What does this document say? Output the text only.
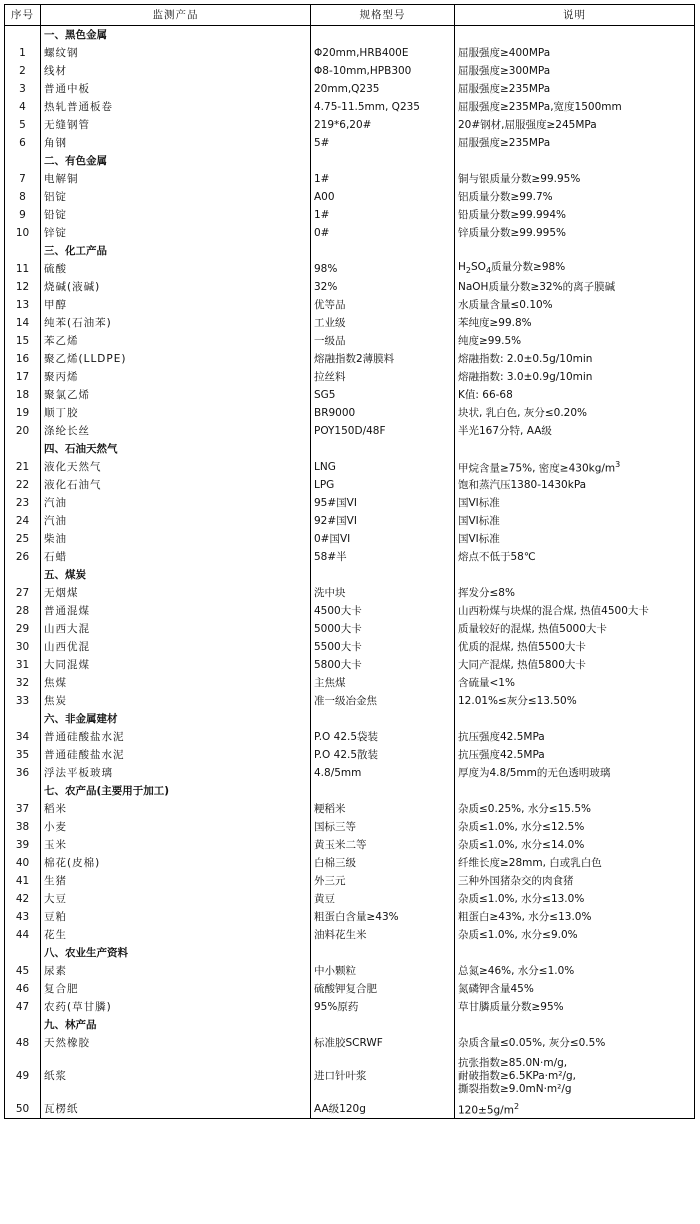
序号	监测产品	规格型号	说明
	一、黑色金属		
1	螺纹钢	Φ20mm,HRB400E	屈服强度≥400MPa
2	线材	Φ8-10mm,HPB300	屈服强度≥300MPa
3	普通中板	20mm,Q235	屈服强度≥235MPa
4	热轧普通板卷	4.75-11.5mm, Q235	屈服强度≥235MPa,宽度1500mm
5	无缝钢管	219*6,20#	20#钢材,屈服强度≥245MPa
6	角钢	5#	屈服强度≥235MPa
	二、有色金属		
7	电解铜	1#	铜与银质量分数≥99.95%
8	铝锭	A00	铝质量分数≥99.7%
9	铅锭	1#	铅质量分数≥99.994%
10	锌锭	0#	锌质量分数≥99.995%
	三、化工产品		
11	硫酸	98%	$H_2SO_4$质量分数≥98%
12	烧碱(液碱)	32%	NaOH质量分数≥32%的离子膜碱
13	甲醇	优等品	水质量含量≤0.10%
14	纯苯(石油苯)	工业级	苯纯度≥99.8%
15	苯乙烯	一级品	纯度≥99.5%
16	聚乙烯(LLDPE)	熔融指数2薄膜料	熔融指数: 2.0±0.5g/10min
17	聚丙烯	拉丝料	熔融指数: 3.0±0.9g/10min
18	聚氯乙烯	SG5	K值: 66-68
19	顺丁胶	BR9000	块状, 乳白色, 灰分≤0.20%
20	涤纶长丝	POY150D/48F	半光167分特, AA级
	四、石油天然气		
21	液化天然气	LNG	甲烷含量≥75%, 密度$\ge 430kg/m^3$
22	液化石油气	LPG	饱和蒸汽压1380-1430kPa
23	汽油	95#国VI	国VI标准
24	汽油	92#国VI	国VI标准
25	柴油	0#国VI	国VI标准
26	石蜡	58#半	熔点不低于58℃
	五、煤炭		
27	无烟煤	洗中块	挥发分≤8%
28	普通混煤	4500大卡	山西粉煤与块煤的混合煤, 热值4500大卡
29	山西大混	5000大卡	质量较好的混煤, 热值5000大卡
30	山西优混	5500大卡	优质的混煤, 热值5500大卡
31	大同混煤	5800大卡	大同产混煤, 热值5800大卡
32	焦煤	主焦煤	含硫量<1%
33	焦炭	准一级冶金焦	12.01%≤灰分≤13.50%
	六、非金属建材		
34	普通硅酸盐水泥	P.O 42.5袋装	抗压强度42.5MPa
35	普通硅酸盐水泥	P.O 42.5散装	抗压强度42.5MPa
36	浮法平板玻璃	4.8/5mm	厚度为4.8/5mm的无色透明玻璃
	七、农产品(主要用于加工)		
37	稻米	粳稻米	杂质≤0.25%, 水分≤15.5%
38	小麦	国标三等	杂质≤1.0%, 水分≤12.5%
39	玉米	黄玉米二等	杂质≤1.0%, 水分≤14.0%
40	棉花(皮棉)	白棉三级	纤维长度≥28mm, 白或乳白色
41	生猪	外三元	三种外国猪杂交的肉食猪
42	大豆	黄豆	杂质≤1.0%, 水分≤13.0%
43	豆粕	粗蛋白含量≥43%	粗蛋白≥43%, 水分≤13.0%
44	花生	油料花生米	杂质≤1.0%, 水分≤9.0%
	八、农业生产资料		
45	尿素	中小颗粒	总氮≥46%, 水分≤1.0%
46	复合肥	硫酸钾复合肥	氮磷钾含量45%
47	农药(草甘膦)	95%原药	草甘膦质量分数≥95%
	九、林产品		
48	天然橡胶	标准胶SCRWF	杂质含量≤0.05%, 灰分≤0.5%
49	纸浆	进口针叶浆	抗张指数≥85.0N·m/g,
耐破指数≥6.5KPa·m²/g,
撕裂指数≥9.0mN·m²/g

50	瓦楞纸	AA级120g	$120\pm 5g/m^2$
